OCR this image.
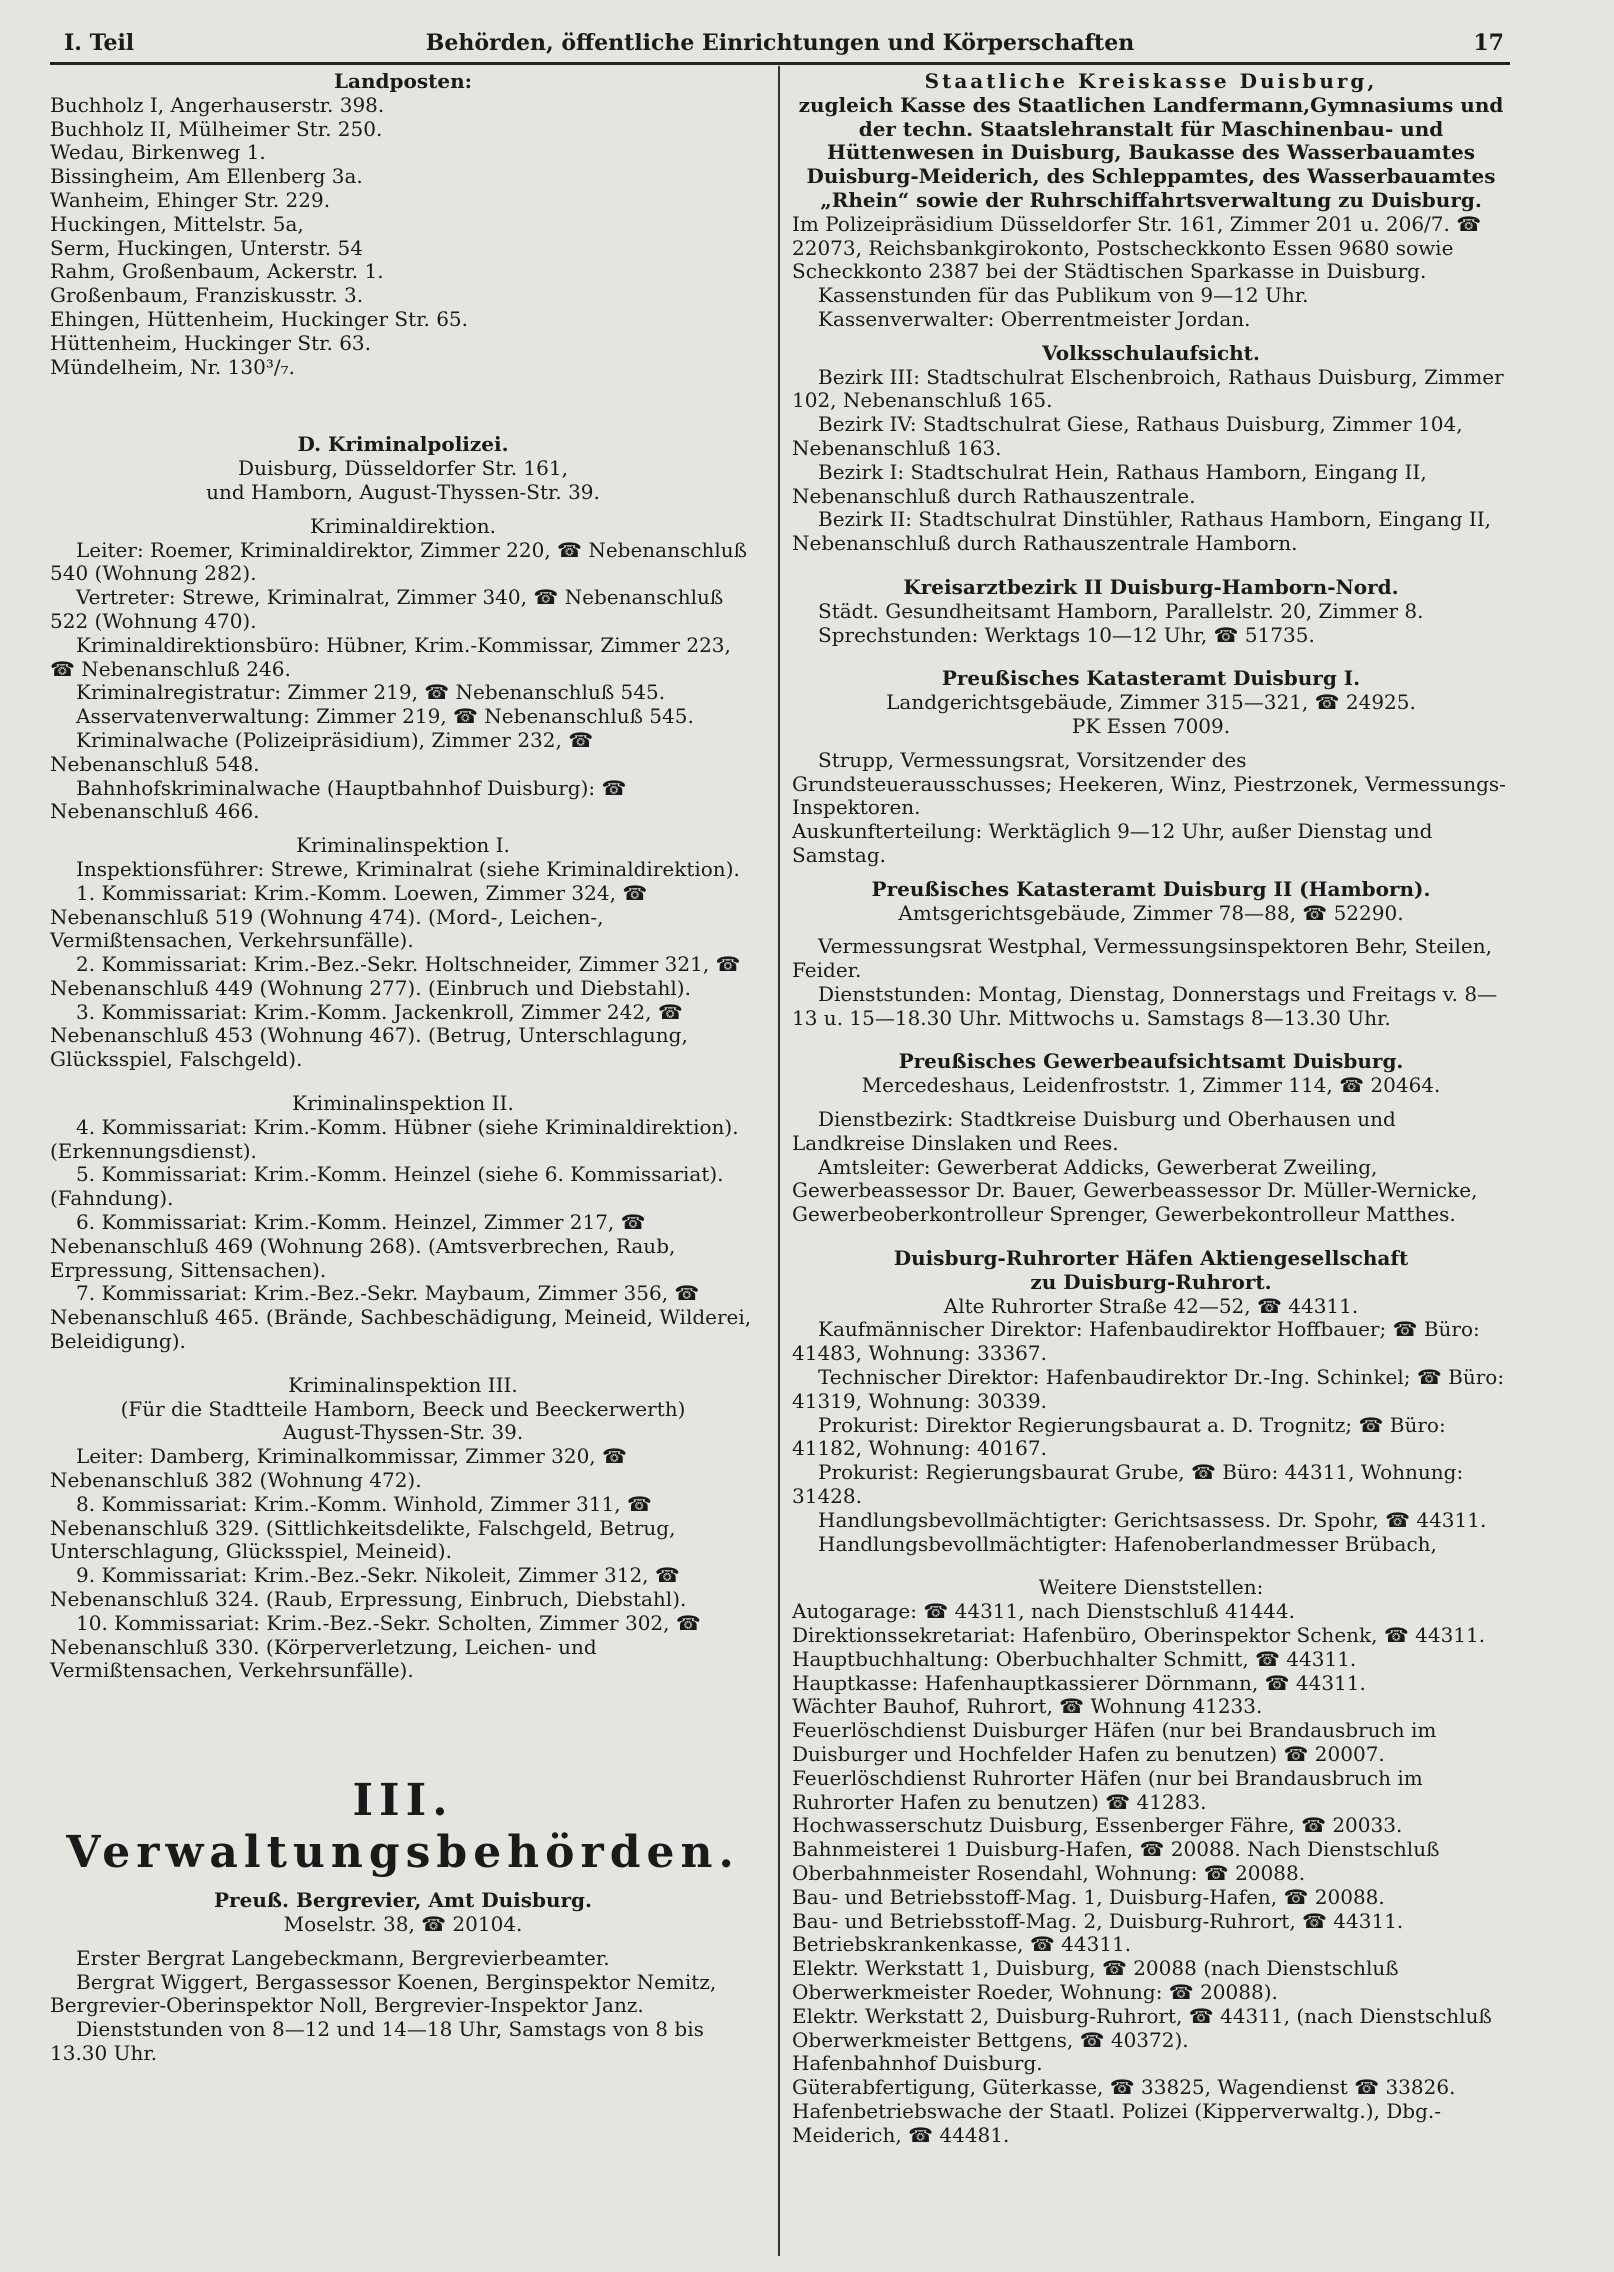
I. Teil	Behörden, öffentliche Einrichtungen und Körperschaften	17

Landposten:

Buchholz I, Angerhauserstr. 398.

Buchholz II, Mülheimer Str. 250.

Wedau, Birkenweg 1.

Bissingheim, Am Ellenberg 3a.

Wanheim, Ehinger Str. 229.

Huckingen, Mittelstr. 5a,

Serm, Huckingen, Unterstr. 54

Rahm, Großenbaum, Ackerstr. 1.

Großenbaum, Franziskusstr. 3.

Ehingen, Hüttenheim, Huckinger Str. 65.

Hüttenheim, Huckinger Str. 63.

Mündelheim, Nr. 130³/₇.

D. Kriminalpolizei.

Duisburg, Düsseldorfer Str. 161,

und Hamborn, August-Thyssen-Str. 39.

Kriminaldirektion.

Leiter: Roemer, Kriminaldirektor, Zimmer 220, ☎ Nebenanschluß 540 (Wohnung 282).

Vertreter: Strewe, Kriminalrat, Zimmer 340, ☎ Nebenanschluß 522 (Wohnung 470).

Kriminaldirektionsbüro: Hübner, Krim.-Kommissar, Zimmer 223, ☎ Nebenanschluß 246.

Kriminalregistratur: Zimmer 219, ☎ Nebenanschluß 545.

Asservatenverwaltung: Zimmer 219, ☎ Nebenanschluß 545.

Kriminalwache (Polizeipräsidium), Zimmer 232, ☎ Nebenanschluß 548.

Bahnhofskriminalwache (Hauptbahnhof Duisburg): ☎ Nebenanschluß 466.

Kriminalinspektion I.

Inspektionsführer: Strewe, Kriminalrat (siehe Kriminaldirektion).

1. Kommissariat: Krim.-Komm. Loewen, Zimmer 324, ☎ Nebenanschluß 519 (Wohnung 474). (Mord-, Leichen-, Vermißtensachen, Verkehrsunfälle).

2. Kommissariat: Krim.-Bez.-Sekr. Holtschneider, Zimmer 321, ☎ Nebenanschluß 449 (Wohnung 277). (Einbruch und Diebstahl).

3. Kommissariat: Krim.-Komm. Jackenkroll, Zimmer 242, ☎ Nebenanschluß 453 (Wohnung 467). (Betrug, Unterschlagung, Glücksspiel, Falschgeld).

Kriminalinspektion II.

4. Kommissariat: Krim.-Komm. Hübner (siehe Kriminaldirektion). (Erkennungsdienst).

5. Kommissariat: Krim.-Komm. Heinzel (siehe 6. Kommissariat). (Fahndung).

6. Kommissariat: Krim.-Komm. Heinzel, Zimmer 217, ☎ Nebenanschluß 469 (Wohnung 268). (Amtsverbrechen, Raub, Erpressung, Sittensachen).

7. Kommissariat: Krim.-Bez.-Sekr. Maybaum, Zimmer 356, ☎ Nebenanschluß 465. (Brände, Sachbeschädigung, Meineid, Wilderei, Beleidigung).

Kriminalinspektion III.

(Für die Stadtteile Hamborn, Beeck und Beeckerwerth)

August-Thyssen-Str. 39.

Leiter: Damberg, Kriminalkommissar, Zimmer 320, ☎ Nebenanschluß 382 (Wohnung 472).

8. Kommissariat: Krim.-Komm. Winhold, Zimmer 311, ☎ Nebenanschluß 329. (Sittlichkeitsdelikte, Falschgeld, Betrug, Unterschlagung, Glücksspiel, Meineid).

9. Kommissariat: Krim.-Bez.-Sekr. Nikoleit, Zimmer 312, ☎ Nebenanschluß 324. (Raub, Erpressung, Einbruch, Diebstahl).

10. Kommissariat: Krim.-Bez.-Sekr. Scholten, Zimmer 302, ☎ Nebenanschluß 330. (Körperverletzung, Leichen- und Vermißtensachen, Verkehrsunfälle).

III. Verwaltungsbehörden.

Preuß. Bergrevier, Amt Duisburg.

Moselstr. 38, ☎ 20104.

Erster Bergrat Langebeckmann, Bergrevierbeamter.

Bergrat Wiggert, Bergassessor Koenen, Berginspektor Nemitz, Bergrevier-Oberinspektor Noll, Bergrevier-Inspektor Janz.

Dienststunden von 8—12 und 14—18 Uhr, Samstags von 8 bis 13.30 Uhr.

Staatliche Kreiskasse Duisburg,

zugleich Kasse des Staatlichen Landfermann,Gymnasiums und der techn. Staatslehranstalt für Maschinenbau- und Hüttenwesen in Duisburg, Baukasse des Wasserbauamtes Duisburg-Meiderich, des Schleppamtes, des Wasserbauamtes „Rhein“ sowie der Ruhrschiffahrtsverwaltung zu Duisburg.

Im Polizeipräsidium Düsseldorfer Str. 161, Zimmer 201 u. 206/7. ☎ 22073, Reichsbankgirokonto, Postscheckkonto Essen 9680 sowie Scheckkonto 2387 bei der Städtischen Sparkasse in Duisburg.

Kassenstunden für das Publikum von 9—12 Uhr.

Kassenverwalter: Oberrentmeister Jordan.

Volksschulaufsicht.

Bezirk III: Stadtschulrat Elschenbroich, Rathaus Duisburg, Zimmer 102, Nebenanschluß 165.

Bezirk IV: Stadtschulrat Giese, Rathaus Duisburg, Zimmer 104, Nebenanschluß 163.

Bezirk I: Stadtschulrat Hein, Rathaus Hamborn, Eingang II, Nebenanschluß durch Rathauszentrale.

Bezirk II: Stadtschulrat Dinstühler, Rathaus Hamborn, Eingang II, Nebenanschluß durch Rathauszentrale Hamborn.

Kreisarztbezirk II Duisburg-Hamborn-Nord.

Städt. Gesundheitsamt Hamborn, Parallelstr. 20, Zimmer 8.

Sprechstunden: Werktags 10—12 Uhr, ☎ 51735.

Preußisches Katasteramt Duisburg I.

Landgerichtsgebäude, Zimmer 315—321, ☎ 24925.

PK Essen 7009.

Strupp, Vermessungsrat, Vorsitzender des Grundsteuerausschusses; Heekeren, Winz, Piestrzonek, Vermessungs-Inspektoren.

Auskunfterteilung: Werktäglich 9—12 Uhr, außer Dienstag und Samstag.

Preußisches Katasteramt Duisburg II (Hamborn).

Amtsgerichtsgebäude, Zimmer 78—88, ☎ 52290.

Vermessungsrat Westphal, Vermessungsinspektoren Behr, Steilen, Feider.

Dienststunden: Montag, Dienstag, Donnerstags und Freitags v. 8—13 u. 15—18.30 Uhr. Mittwochs u. Samstags 8—13.30 Uhr.

Preußisches Gewerbeaufsichtsamt Duisburg.

Mercedeshaus, Leidenfroststr. 1, Zimmer 114, ☎ 20464.

Dienstbezirk: Stadtkreise Duisburg und Oberhausen und Landkreise Dinslaken und Rees.

Amtsleiter: Gewerberat Addicks, Gewerberat Zweiling, Gewerbeassessor Dr. Bauer, Gewerbeassessor Dr. Müller-Wernicke, Gewerbeoberkontrolleur Sprenger, Gewerbekontrolleur Matthes.

Duisburg-Ruhrorter Häfen Aktiengesellschaft

zu Duisburg-Ruhrort.

Alte Ruhrorter Straße 42—52, ☎ 44311.

Kaufmännischer Direktor: Hafenbaudirektor Hoffbauer; ☎ Büro: 41483, Wohnung: 33367.

Technischer Direktor: Hafenbaudirektor Dr.-Ing. Schinkel; ☎ Büro: 41319, Wohnung: 30339.

Prokurist: Direktor Regierungsbaurat a. D. Trognitz; ☎ Büro: 41182, Wohnung: 40167.

Prokurist: Regierungsbaurat Grube, ☎ Büro: 44311, Wohnung: 31428.

Handlungsbevollmächtigter: Gerichtsassess. Dr. Spohr, ☎ 44311.

Handlungsbevollmächtigter: Hafenoberlandmesser Brübach,

Weitere Dienststellen:

Autogarage: ☎ 44311, nach Dienstschluß 41444.

Direktionssekretariat: Hafenbüro, Oberinspektor Schenk, ☎ 44311.

Hauptbuchhaltung: Oberbuchhalter Schmitt, ☎ 44311.

Hauptkasse: Hafenhauptkassierer Dörnmann, ☎ 44311.

Wächter Bauhof, Ruhrort, ☎ Wohnung 41233.

Feuerlöschdienst Duisburger Häfen (nur bei Brandausbruch im Duisburger und Hochfelder Hafen zu benutzen) ☎ 20007.

Feuerlöschdienst Ruhrorter Häfen (nur bei Brandausbruch im Ruhrorter Hafen zu benutzen) ☎ 41283.

Hochwasserschutz Duisburg, Essenberger Fähre, ☎ 20033.

Bahnmeisterei 1 Duisburg-Hafen, ☎ 20088. Nach Dienstschluß Oberbahnmeister Rosendahl, Wohnung: ☎ 20088.

Bau- und Betriebsstoff-Mag. 1, Duisburg-Hafen, ☎ 20088.

Bau- und Betriebsstoff-Mag. 2, Duisburg-Ruhrort, ☎ 44311.

Betriebskrankenkasse, ☎ 44311.

Elektr. Werkstatt 1, Duisburg, ☎ 20088 (nach Dienstschluß Oberwerkmeister Roeder, Wohnung: ☎ 20088).

Elektr. Werkstatt 2, Duisburg-Ruhrort, ☎ 44311, (nach Dienstschluß Oberwerkmeister Bettgens, ☎ 40372).

Hafenbahnhof Duisburg.

Güterabfertigung, Güterkasse, ☎ 33825, Wagendienst ☎ 33826.

Hafenbetriebswache der Staatl. Polizei (Kipperverwaltg.), Dbg.-Meiderich, ☎ 44481.
